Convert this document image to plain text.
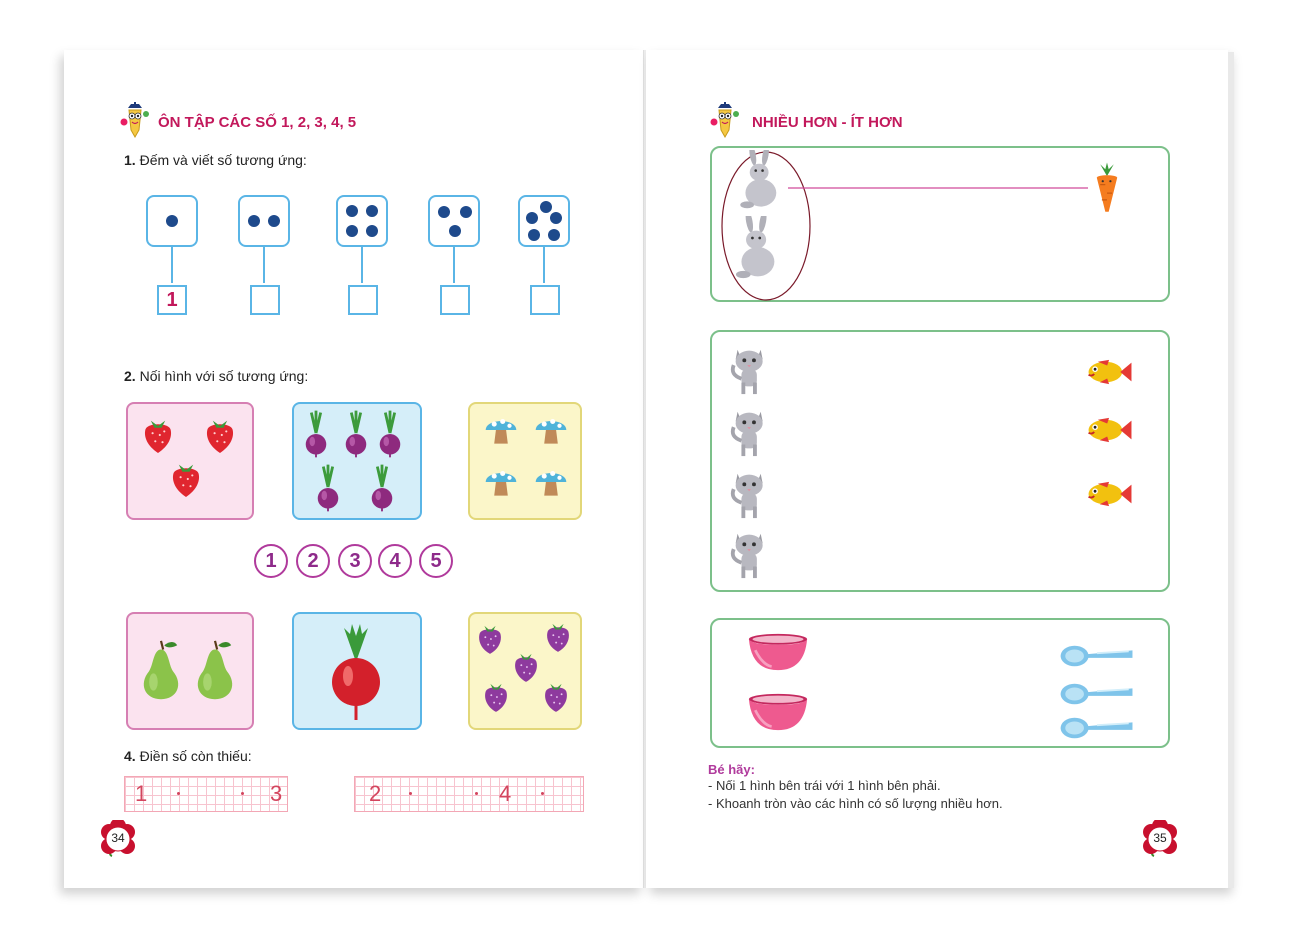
ÔN TẬP CÁC SỐ 1, 2, 3, 4, 5
1. Đếm và viết số tương ứng:
1
2. Nối hình với số tương ứng:
1	2	3	4	5
4. Điền số còn thiếu:
1	3	2	4
34
NHIỀU HƠN - ÍT HƠN
Bé hãy:
- Nối 1 hình bên trái với 1 hình bên phải.
- Khoanh tròn vào các hình có số lượng nhiều hơn.
35
